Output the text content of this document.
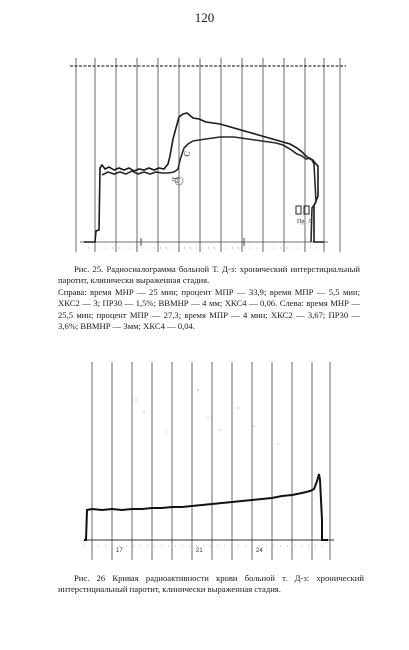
120
Пр Л
С
Д

Рис. 25. Радиосиалограмма больной Т. Д-з: хронический интерстициальный паротит, клинически выраженная стадия.

Справа: время МНР — 25 мин; процент МПР — 33,9; время МПР — 5,5 мин; ХКС2 — 3; ПР30 — 1,5%; ВВМНР — 4 мм; ХКС4 — 0,06. Слева: время МНР — 25,5 мин; процент МПР — 27,3; время МПР — 4 мин; ХКС2 — 3,67; ПР30 — 3,6%; ВВМНР — 3мм; ХКС4 — 0,04.

17	21	24

Рис. 26 Кривая радиоактивности крови больной т. Д-з: хронический интерстициальный паротит, клинически выраженная стадия.
